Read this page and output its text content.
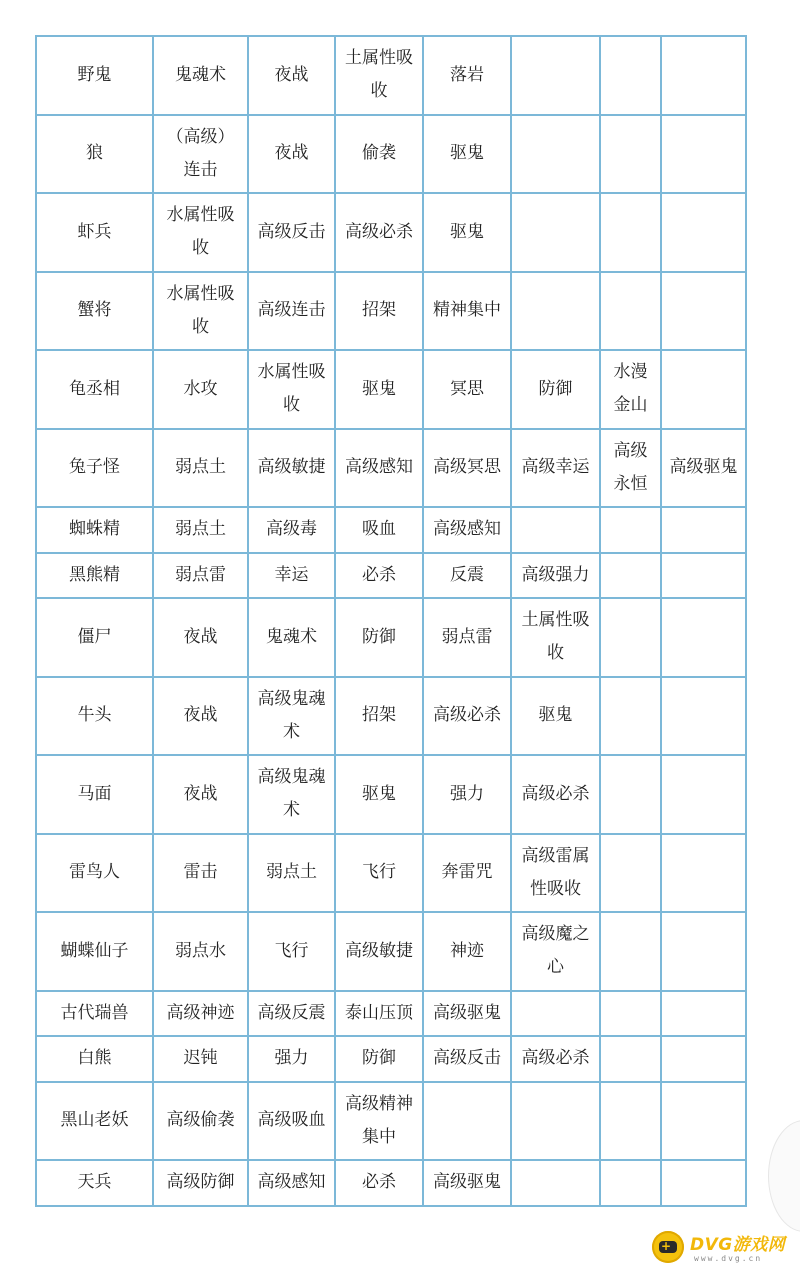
野鬼	鬼魂术	夜战	土属性吸收	落岩			
狼	（高级）连击	夜战	偷袭	驱鬼			
虾兵	水属性吸收	高级反击	高级必杀	驱鬼			
蟹将	水属性吸收	高级连击	招架	精神集中			
龟丞相	水攻	水属性吸收	驱鬼	冥思	防御	水漫金山	
兔子怪	弱点土	高级敏捷	高级感知	高级冥思	高级幸运	高级永恒	高级驱鬼
蜘蛛精	弱点土	高级毒	吸血	高级感知			
黑熊精	弱点雷	幸运	必杀	反震	高级强力		
僵尸	夜战	鬼魂术	防御	弱点雷	土属性吸收		
牛头	夜战	高级鬼魂术	招架	高级必杀	驱鬼		
马面	夜战	高级鬼魂术	驱鬼	强力	高级必杀		
雷鸟人	雷击	弱点土	飞行	奔雷咒	高级雷属性吸收		
蝴蝶仙子	弱点水	飞行	高级敏捷	神迹	高级魔之心		
古代瑞兽	高级神迹	高级反震	泰山压顶	高级驱鬼			
白熊	迟钝	强力	防御	高级反击	高级必杀		
黑山老妖	高级偷袭	高级吸血	高级精神集中				
天兵	高级防御	高级感知	必杀	高级驱鬼			
+
DVG游戏网
www.dvg.cn
